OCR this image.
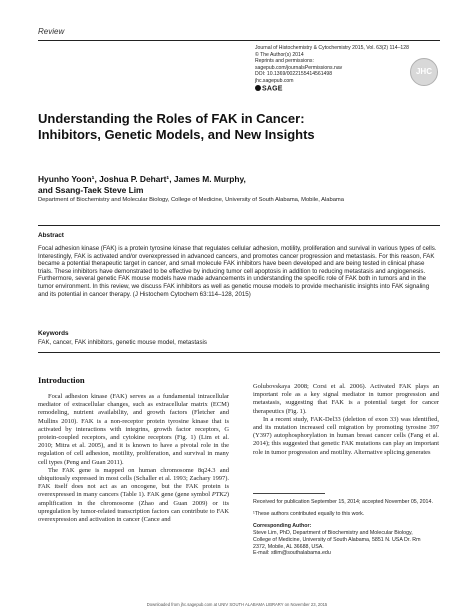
Review
Journal of Histochemistry & Cytochemistry 2015, Vol. 63(2) 114–128
© The Author(s) 2014
Reprints and permissions:
sagepub.com/journalsPermissions.nav
DOI: 10.1369/0022155414561498
jhc.sagepub.com
SAGE
JHC
Understanding the Roles of FAK in Cancer:
Inhibitors, Genetic Models, and New Insights
Hyunho Yoon¹, Joshua P. Dehart¹, James M. Murphy,
and Ssang-Taek Steve Lim
Department of Biochemistry and Molecular Biology, College of Medicine, University of South Alabama, Mobile, Alabama
Abstract
Focal adhesion kinase (FAK) is a protein tyrosine kinase that regulates cellular adhesion, motility, proliferation and survival in various types of cells. Interestingly, FAK is activated and/or overexpressed in advanced cancers, and promotes cancer progression and metastasis. For this reason, FAK became a potential therapeutic target in cancer, and small molecule FAK inhibitors have been developed and are being tested in clinical phase trials. These inhibitors have demonstrated to be effective by inducing tumor cell apoptosis in addition to reducing metastasis and angiogenesis. Furthermore, several genetic FAK mouse models have made advancements in understanding the specific role of FAK both in tumors and in the tumor environment. In this review, we discuss FAK inhibitors as well as genetic mouse models to provide mechanistic insights into FAK signaling and its potential in cancer therapy. (J Histochem Cytochem 63:114–128, 2015)
Keywords
FAK, cancer, FAK inhibitors, genetic mouse model, metastasis
Introduction

Focal adhesion kinase (FAK) serves as a fundamental intracellular mediator of extracellular changes, such as extracellular matrix (ECM) remodeling, nutrient availability, and growth factors (Fletcher and Mullins 2010). FAK is a non-receptor protein tyrosine kinase that is activated by interactions with integrins, growth factor receptors, G protein-coupled receptors, and cytokine receptors (Fig. 1) (Lim et al. 2010; Mitra et al. 2005), and it is known to have a pivotal role in the regulation of cell adhesion, motility, proliferation, and survival in many cell types (Peng and Guan 2011).

The FAK gene is mapped on human chromosome 8q24.3 and ubiquitously expressed in most cells (Schaller et al. 1993; Zachary 1997). FAK itself does not act as an oncogene, but the FAK protein is overexpressed in many cancers (Table 1). FAK gene (gene symbol PTK2) amplification in the chromosome (Zhao and Guan 2009) or its upregulation by tumor-related transcription factors can contribute to FAK overexpression and activation in cancer (Cance and

Golubovskaya 2008; Corsi et al. 2006). Activated FAK plays an important role as a key signal mediator in tumor progression and metastasis, suggesting that FAK is a potential target for cancer therapeutics (Fig. 1).

In a recent study, FAK-Del33 (deletion of exon 33) was identified, and its mutation increased cell migration by promoting tyrosine 397 (Y397) autophosphorylation in human breast cancer cells (Fang et al. 2014); this suggested that genetic FAK mutations can play an important role in tumor progression and motility. Alternative splicing generates

Received for publication September 15, 2014; accepted November 05, 2014.
¹These authors contributed equally to this work.
Corresponding Author:
Steve Lim, PhD, Department of Biochemistry and Molecular Biology,
College of Medicine, University of South Alabama, 5851 N. USA Dr. Rm
2372, Mobile, AL 36688, USA.
E-mail: stlim@southalabama.edu
Downloaded from jhc.sagepub.com at UNIV SOUTH ALABAMA LIBRARY on November 23, 2015
